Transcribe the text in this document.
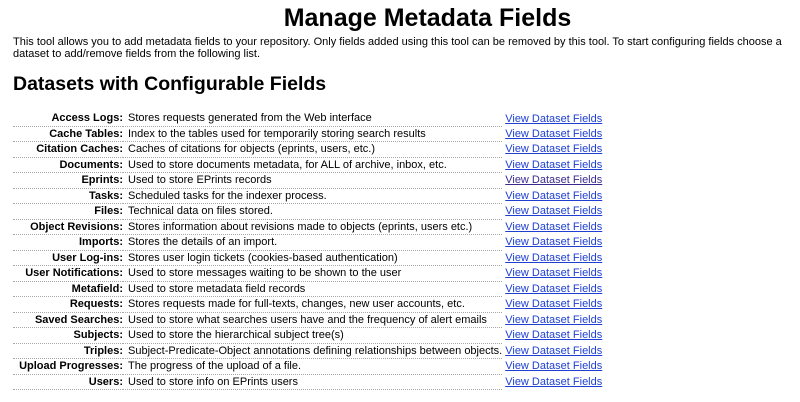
Manage Metadata Fields

This tool allows you to add metadata fields to your repository. Only fields added using this tool can be removed by this tool. To start configuring fields choose a dataset to add/remove fields from the following list.

Datasets with Configurable Fields
Access Logs:	Stores requests generated from the Web interface	View Dataset Fields
Cache Tables:	Index to the tables used for temporarily storing search results	View Dataset Fields
Citation Caches:	Caches of citations for objects (eprints, users, etc.)	View Dataset Fields
Documents:	Used to store documents metadata, for ALL of archive, inbox, etc.	View Dataset Fields
Eprints:	Used to store EPrints records	View Dataset Fields
Tasks:	Scheduled tasks for the indexer process.	View Dataset Fields
Files:	Technical data on files stored.	View Dataset Fields
Object Revisions:	Stores information about revisions made to objects (eprints, users etc.)	View Dataset Fields
Imports:	Stores the details of an import.	View Dataset Fields
User Log-ins:	Stores user login tickets (cookies-based authentication)	View Dataset Fields
User Notifications:	Used to store messages waiting to be shown to the user	View Dataset Fields
Metafield:	Used to store metadata field records	View Dataset Fields
Requests:	Stores requests made for full-texts, changes, new user accounts, etc.	View Dataset Fields
Saved Searches:	Used to store what searches users have and the frequency of alert emails	View Dataset Fields
Subjects:	Used to store the hierarchical subject tree(s)	View Dataset Fields
Triples:	Subject-Predicate-Object annotations defining relationships between objects.	View Dataset Fields
Upload Progresses:	The progress of the upload of a file.	View Dataset Fields
Users:	Used to store info on EPrints users	View Dataset Fields
